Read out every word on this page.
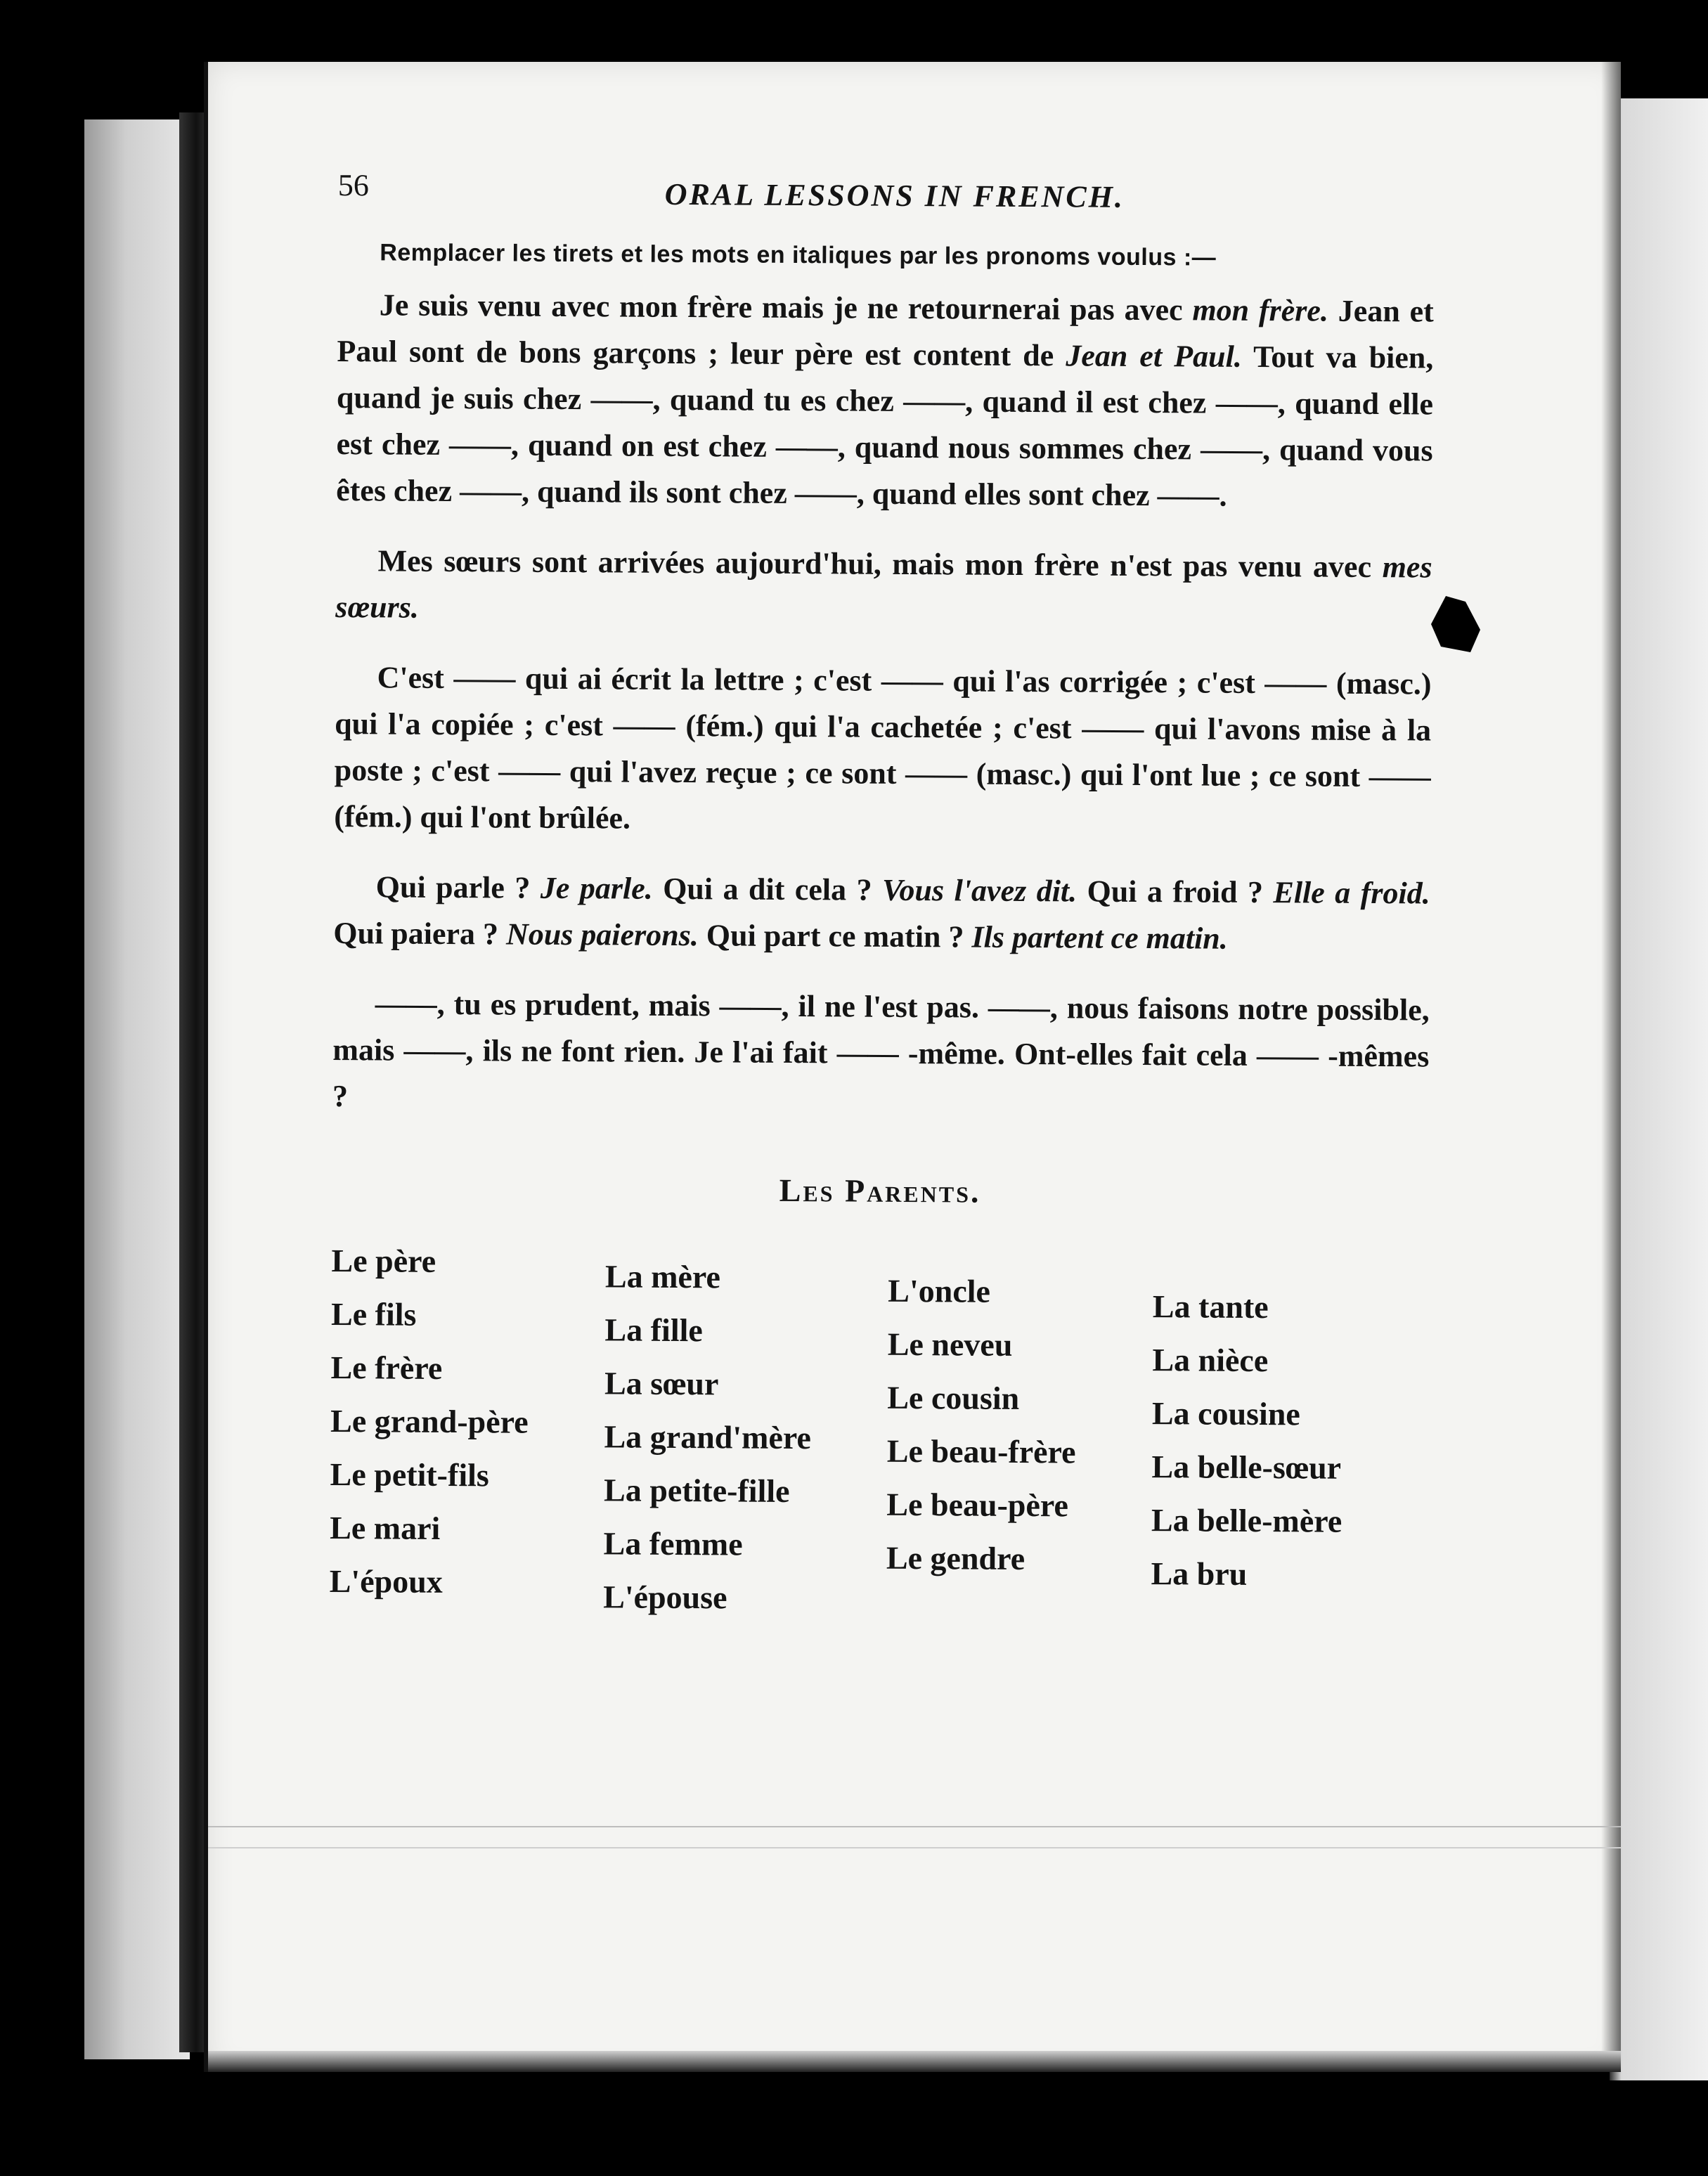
56	ORAL LESSONS IN FRENCH.
Remplacer les tirets et les mots en italiques par les pronoms voulus :—

Je suis venu avec mon frère mais je ne retournerai pas avec mon frère. Jean et Paul sont de bons garçons ; leur père est content de Jean et Paul. Tout va bien, quand je suis chez ——, quand tu es chez ——, quand il est chez ——, quand elle est chez ——, quand on est chez ——, quand nous sommes chez ——, quand vous êtes chez ——, quand ils sont chez ——, quand elles sont chez ——.

Mes sœurs sont arrivées aujourd'hui, mais mon frère n'est pas venu avec mes sœurs.

C'est —— qui ai écrit la lettre ; c'est —— qui l'as corrigée ; c'est —— (masc.) qui l'a copiée ; c'est —— (fém.) qui l'a cachetée ; c'est —— qui l'avons mise à la poste ; c'est —— qui l'avez reçue ; ce sont —— (masc.) qui l'ont lue ; ce sont —— (fém.) qui l'ont brûlée.

Qui parle ? Je parle. Qui a dit cela ? Vous l'avez dit. Qui a froid ? Elle a froid. Qui paiera ? Nous paierons. Qui part ce matin ? Ils partent ce matin.

——, tu es prudent, mais ——, il ne l'est pas. ——, nous faisons notre possible, mais ——, ils ne font rien. Je l'ai fait —— -même. Ont-elles fait cela —— -mêmes ?

Les Parents.
Le père
Le fils
Le frère
Le grand-père
Le petit-fils
Le mari
L'époux
La mère
La fille
La sœur
La grand'mère
La petite-fille
La femme
L'épouse
L'oncle
Le neveu
Le cousin
Le beau-frère
Le beau-père
Le gendre
La tante
La nièce
La cousine
La belle-sœur
La belle-mère
La bru
